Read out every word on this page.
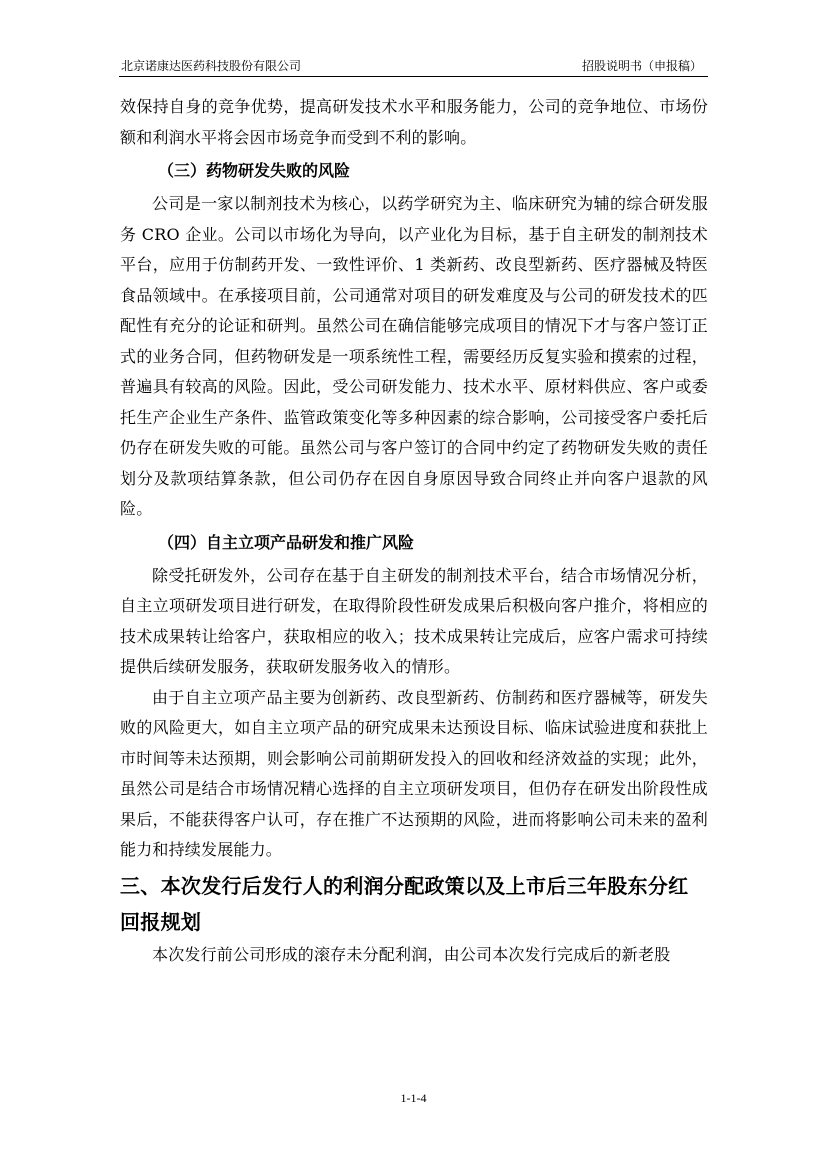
北京诺康达医药科技股份有限公司	招股说明书（申报稿）

效保持自身的竞争优势，提高研发技术水平和服务能力，公司的竞争地位、市场份额和利润水平将会因市场竞争而受到不利的影响。

（三）药物研发失败的风险

公司是一家以制剂技术为核心，以药学研究为主、临床研究为辅的综合研发服务 CRO 企业。公司以市场化为导向，以产业化为目标，基于自主研发的制剂技术平台，应用于仿制药开发、一致性评价、1 类新药、改良型新药、医疗器械及特医食品领域中。在承接项目前，公司通常对项目的研发难度及与公司的研发技术的匹配性有充分的论证和研判。虽然公司在确信能够完成项目的情况下才与客户签订正式的业务合同，但药物研发是一项系统性工程，需要经历反复实验和摸索的过程，普遍具有较高的风险。因此，受公司研发能力、技术水平、原材料供应、客户或委托生产企业生产条件、监管政策变化等多种因素的综合影响，公司接受客户委托后仍存在研发失败的可能。虽然公司与客户签订的合同中约定了药物研发失败的责任划分及款项结算条款，但公司仍存在因自身原因导致合同终止并向客户退款的风险。

（四）自主立项产品研发和推广风险

除受托研发外，公司存在基于自主研发的制剂技术平台，结合市场情况分析，自主立项研发项目进行研发，在取得阶段性研发成果后积极向客户推介，将相应的技术成果转让给客户，获取相应的收入；技术成果转让完成后，应客户需求可持续提供后续研发服务，获取研发服务收入的情形。

由于自主立项产品主要为创新药、改良型新药、仿制药和医疗器械等，研发失败的风险更大，如自主立项产品的研究成果未达预设目标、临床试验进度和获批上市时间等未达预期，则会影响公司前期研发投入的回收和经济效益的实现；此外，虽然公司是结合市场情况精心选择的自主立项研发项目，但仍存在研发出阶段性成果后，不能获得客户认可，存在推广不达预期的风险，进而将影响公司未来的盈利能力和持续发展能力。

三、本次发行后发行人的利润分配政策以及上市后三年股东分红回报规划

本次发行前公司形成的滚存未分配利润，由公司本次发行完成后的新老股

1-1-4
